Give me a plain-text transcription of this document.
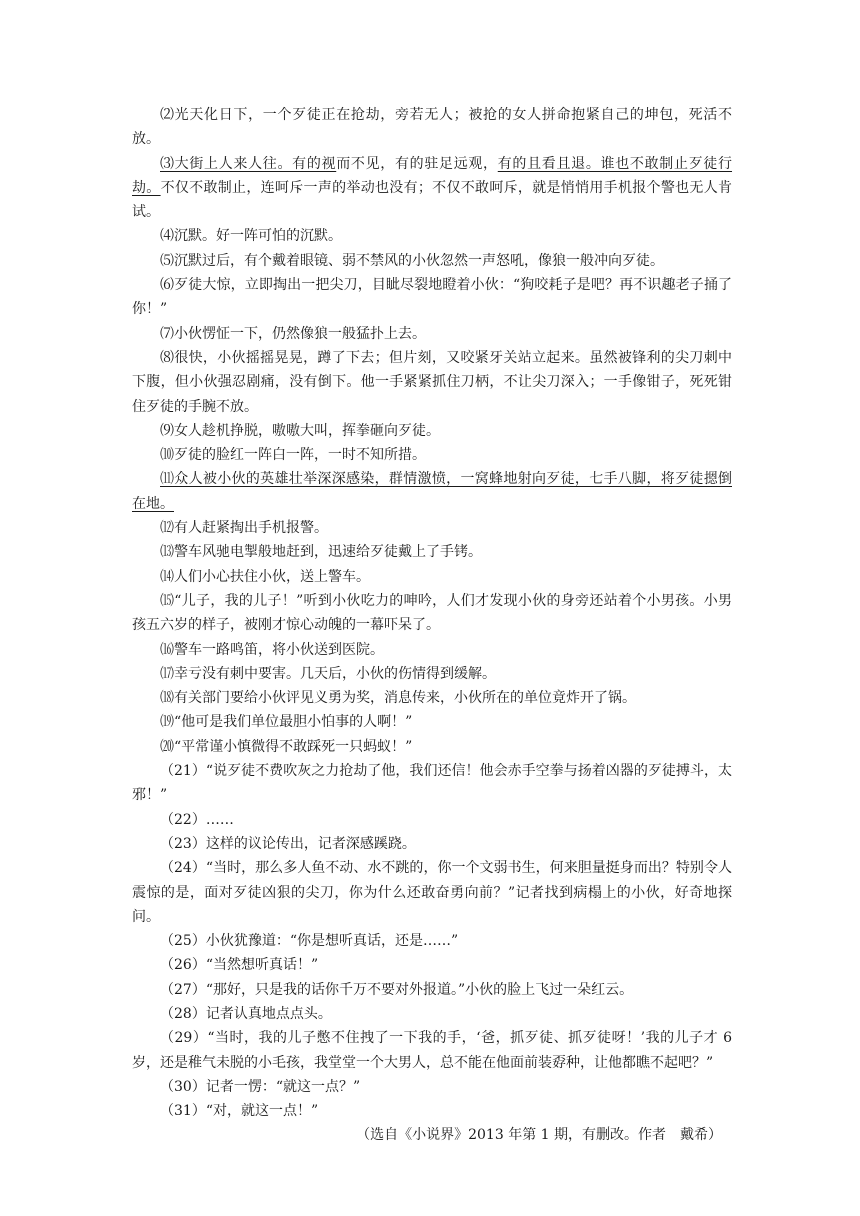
⑵光天化日下，一个歹徒正在抢劫，旁若无人；被抢的女人拼命抱紧自己的坤包，死活不放。

⑶大街上人来人往。有的视而不见，有的驻足远观，有的且看且退。谁也不敢制止歹徒行劫。不仅不敢制止，连呵斥一声的举动也没有；不仅不敢呵斥，就是悄悄用手机报个警也无人肯试。

⑷沉默。好一阵可怕的沉默。

⑸沉默过后，有个戴着眼镜、弱不禁风的小伙忽然一声怒吼，像狼一般冲向歹徒。

⑹歹徒大惊，立即掏出一把尖刀，目眦尽裂地瞪着小伙：“狗咬耗子是吧？再不识趣老子捅了你！”

⑺小伙愣怔一下，仍然像狼一般猛扑上去。

⑻很快，小伙摇摇晃晃，蹲了下去；但片刻，又咬紧牙关站立起来。虽然被锋利的尖刀刺中下腹，但小伙强忍剧痛，没有倒下。他一手紧紧抓住刀柄，不让尖刀深入；一手像钳子，死死钳住歹徒的手腕不放。

⑼女人趁机挣脱，嗷嗷大叫，挥拳砸向歹徒。

⑽歹徒的脸红一阵白一阵，一时不知所措。

⑾众人被小伙的英雄壮举深深感染，群情激愤，一窝蜂地射向歹徒，七手八脚，将歹徒摁倒在地。

⑿有人赶紧掏出手机报警。

⒀警车风驰电掣般地赶到，迅速给歹徒戴上了手铐。

⒁人们小心扶住小伙，送上警车。

⒂“儿子，我的儿子！”听到小伙吃力的呻吟，人们才发现小伙的身旁还站着个小男孩。小男孩五六岁的样子，被刚才惊心动魄的一幕吓呆了。

⒃警车一路鸣笛，将小伙送到医院。

⒄幸亏没有刺中要害。几天后，小伙的伤情得到缓解。

⒅有关部门要给小伙评见义勇为奖，消息传来，小伙所在的单位竟炸开了锅。

⒆“他可是我们单位最胆小怕事的人啊！”

⒇“平常谨小慎微得不敢踩死一只蚂蚁！”

（21）“说歹徒不费吹灰之力抢劫了他，我们还信！他会赤手空拳与扬着凶器的歹徒搏斗，太邪！”

（22）……

（23）这样的议论传出，记者深感蹊跷。

（24）“当时，那么多人鱼不动、水不跳的，你一个文弱书生，何来胆量挺身而出？特别令人震惊的是，面对歹徒凶狠的尖刀，你为什么还敢奋勇向前？”记者找到病榻上的小伙，好奇地探问。

（25）小伙犹豫道：“你是想听真话，还是……”

（26）“当然想听真话！”

（27）“那好，只是我的话你千万不要对外报道。”小伙的脸上飞过一朵红云。

（28）记者认真地点点头。

（29）“当时，我的儿子憋不住拽了一下我的手，‘爸，抓歹徒、抓歹徒呀！’我的儿子才 6 岁，还是稚气未脱的小毛孩，我堂堂一个大男人，总不能在他面前装孬种，让他都瞧不起吧？”

（30）记者一愣：“就这一点？”

（31）“对，就这一点！”

（选自《小说界》2013 年第 1 期，有删改。作者　戴希）
